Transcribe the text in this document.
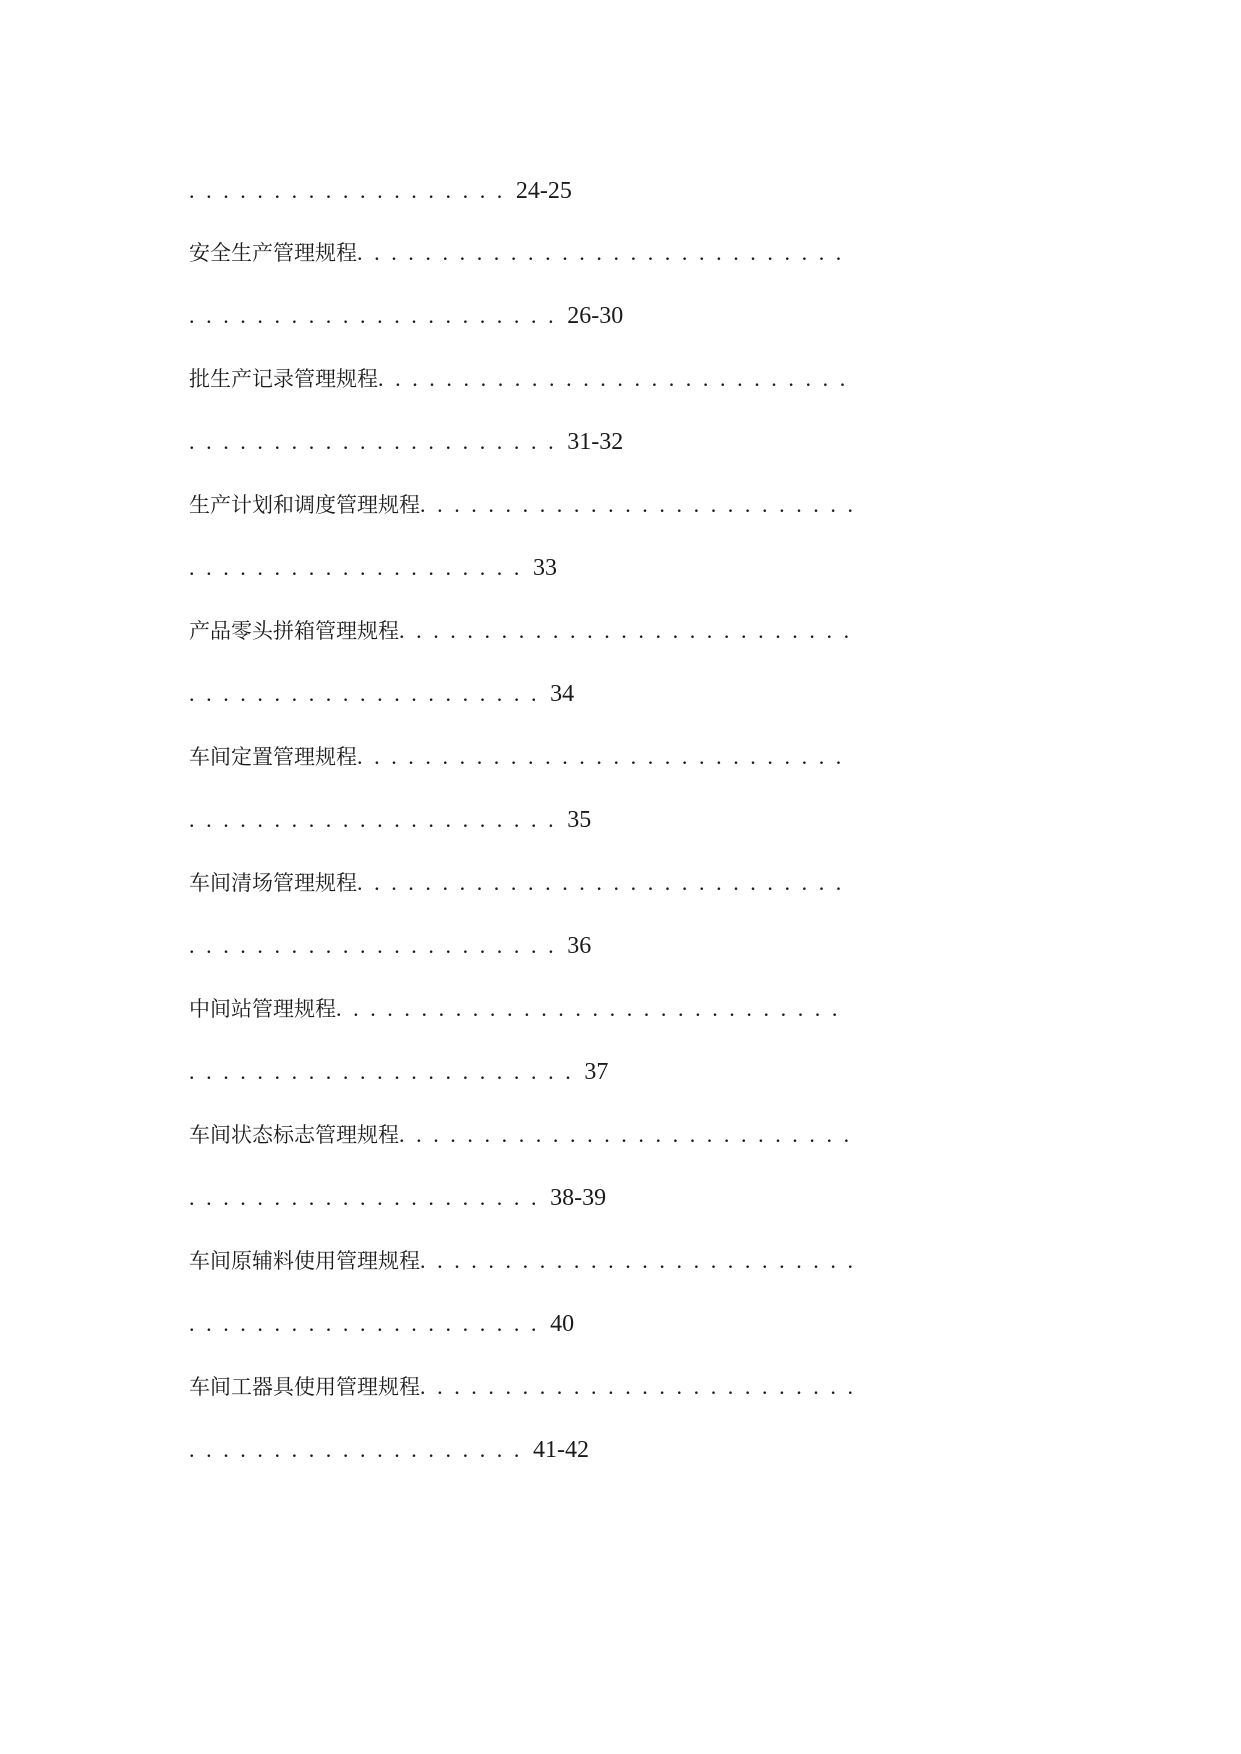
...................24-25
安全生产管理规程.............................
......................26-30
批生产记录管理规程............................
......................31-32
生产计划和调度管理规程..........................
....................33
产品零头拼箱管理规程...........................
.....................34
车间定置管理规程.............................
......................35
车间清场管理规程.............................
......................36
中间站管理规程..............................
.......................37
车间状态标志管理规程...........................
.....................38-39
车间原辅料使用管理规程..........................
.....................40
车间工器具使用管理规程..........................
....................41-42
